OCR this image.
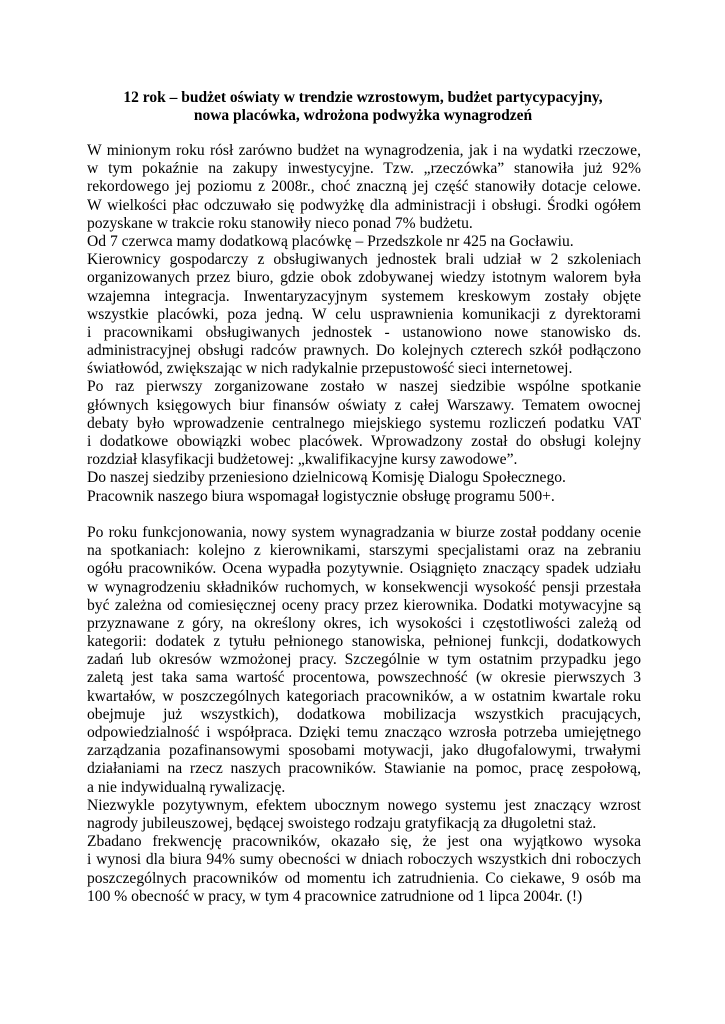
12 rok – budżet oświaty w trendzie wzrostowym, budżet partycypacyjny,
nowa placówka, wdrożona podwyżka wynagrodzeń
W minionym roku rósł zarówno budżet na wynagrodzenia, jak i na wydatki rzeczowe,
w tym pokaźnie na zakupy inwestycyjne. Tzw. „rzeczówka” stanowiła już 92%
rekordowego jej poziomu z 2008r., choć znaczną jej część stanowiły dotacje celowe.
W wielkości płac odczuwało się podwyżkę dla administracji i obsługi. Środki ogółem
pozyskane w trakcie roku stanowiły nieco ponad 7% budżetu.
Od 7 czerwca mamy dodatkową placówkę – Przedszkole nr 425 na Gocławiu.
Kierownicy gospodarczy z obsługiwanych jednostek brali udział w 2 szkoleniach
organizowanych przez biuro, gdzie obok zdobywanej wiedzy istotnym walorem była
wzajemna integracja. Inwentaryzacyjnym systemem kreskowym zostały objęte
wszystkie placówki, poza jedną. W celu usprawnienia komunikacji z dyrektorami
i pracownikami obsługiwanych jednostek - ustanowiono nowe stanowisko ds.
administracyjnej obsługi radców prawnych. Do kolejnych czterech szkół podłączono
światłowód, zwiększając w nich radykalnie przepustowość sieci internetowej.
Po raz pierwszy zorganizowane zostało w naszej siedzibie wspólne spotkanie
głównych księgowych biur finansów oświaty z całej Warszawy. Tematem owocnej
debaty było wprowadzenie centralnego miejskiego systemu rozliczeń podatku VAT
i dodatkowe obowiązki wobec placówek. Wprowadzony został do obsługi kolejny
rozdział klasyfikacji budżetowej: „kwalifikacyjne kursy zawodowe”.
Do naszej siedziby przeniesiono dzielnicową Komisję Dialogu Społecznego.
Pracownik naszego biura wspomagał logistycznie obsługę programu 500+.
Po roku funkcjonowania, nowy system wynagradzania w biurze został poddany ocenie
na spotkaniach: kolejno z kierownikami, starszymi specjalistami oraz na zebraniu
ogółu pracowników. Ocena wypadła pozytywnie. Osiągnięto znaczący spadek udziału
w wynagrodzeniu składników ruchomych, w konsekwencji wysokość pensji przestała
być zależna od comiesięcznej oceny pracy przez kierownika. Dodatki motywacyjne są
przyznawane z góry, na określony okres, ich wysokości i częstotliwości zależą od
kategorii: dodatek z tytułu pełnionego stanowiska, pełnionej funkcji, dodatkowych
zadań lub okresów wzmożonej pracy. Szczególnie w tym ostatnim przypadku jego
zaletą jest taka sama wartość procentowa, powszechność (w okresie pierwszych 3
kwartałów, w poszczególnych kategoriach pracowników, a w ostatnim kwartale roku
obejmuje już wszystkich), dodatkowa mobilizacja wszystkich pracujących,
odpowiedzialność i współpraca. Dzięki temu znacząco wzrosła potrzeba umiejętnego
zarządzania pozafinansowymi sposobami motywacji, jako długofalowymi, trwałymi
działaniami na rzecz naszych pracowników. Stawianie na pomoc, pracę zespołową,
a nie indywidualną rywalizację.
Niezwykle pozytywnym, efektem ubocznym nowego systemu jest znaczący wzrost
nagrody jubileuszowej, będącej swoistego rodzaju gratyfikacją za długoletni staż.
Zbadano frekwencję pracowników, okazało się, że jest ona wyjątkowo wysoka
i wynosi dla biura 94% sumy obecności w dniach roboczych wszystkich dni roboczych
poszczególnych pracowników od momentu ich zatrudnienia. Co ciekawe, 9 osób ma
100 % obecność w pracy, w tym 4 pracownice zatrudnione od 1 lipca 2004r. (!)
